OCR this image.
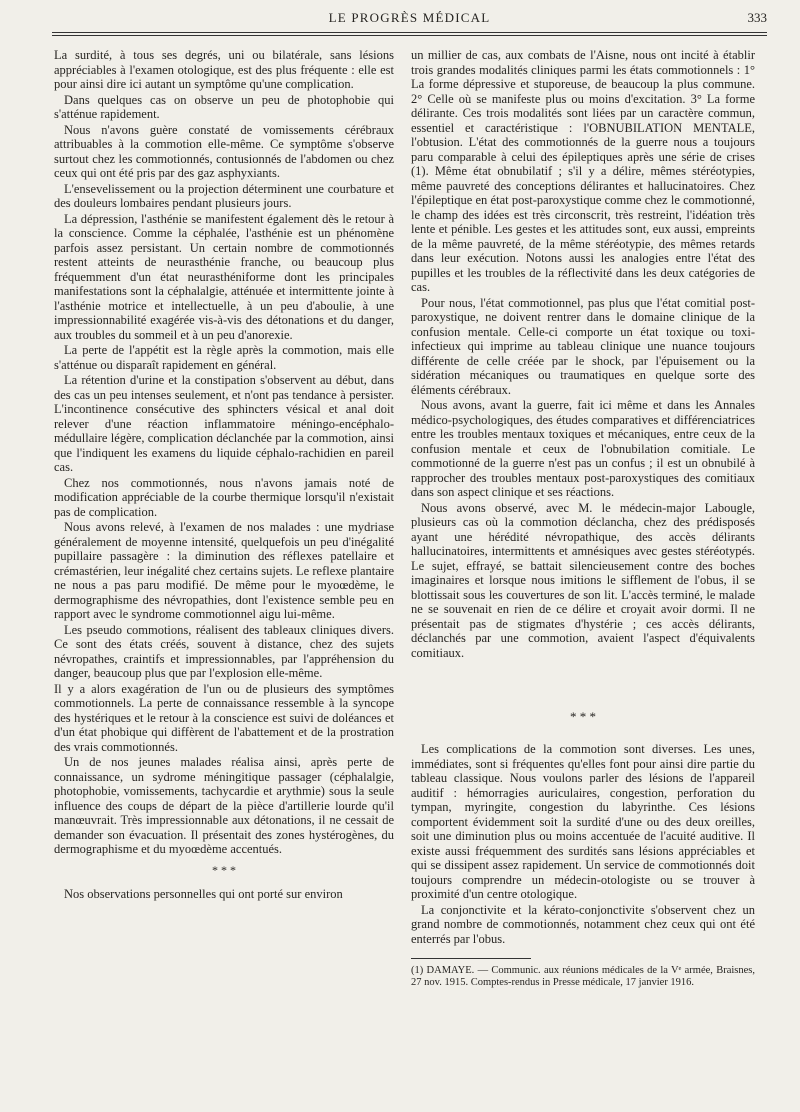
LE PROGRÈS MÉDICAL	333

La surdité, à tous ses degrés, uni ou bilatérale, sans lésions appréciables à l'examen otologique, est des plus fréquente : elle est pour ainsi dire ici autant un symptôme qu'une complication.

Dans quelques cas on observe un peu de photophobie qui s'atténue rapidement.

Nous n'avons guère constaté de vomissements cérébraux attribuables à la commotion elle-même. Ce symptôme s'observe surtout chez les commotionnés, contusionnés de l'abdomen ou chez ceux qui ont été pris par des gaz asphyxiants.

L'ensevelissement ou la projection déterminent une courbature et des douleurs lombaires pendant plusieurs jours.

La dépression, l'asthénie se manifestent également dès le retour à la conscience. Comme la céphalée, l'asthénie est un phénomène parfois assez persistant. Un certain nombre de commotionnés restent atteints de neurasthénie franche, ou beaucoup plus fréquemment d'un état neurasthéniforme dont les principales manifestations sont la céphalalgie, atténuée et intermittente jointe à l'asthénie motrice et intellectuelle, à un peu d'aboulie, à une impressionnabilité exagérée vis-à-vis des détonations et du danger, aux troubles du sommeil et à un peu d'anorexie.

La perte de l'appétit est la règle après la commotion, mais elle s'atténue ou disparaît rapidement en général.

La rétention d'urine et la constipation s'observent au début, dans des cas un peu intenses seulement, et n'ont pas tendance à persister. L'incontinence consécutive des sphincters vésical et anal doit relever d'une réaction inflammatoire méningo-encéphalo-médullaire légère, complication déclanchée par la commotion, ainsi que l'indiquent les examens du liquide céphalo-rachidien en pareil cas.

Chez nos commotionnés, nous n'avons jamais noté de modification appréciable de la courbe thermique lorsqu'il n'existait pas de complication.

Nous avons relevé, à l'examen de nos malades : une mydriase généralement de moyenne intensité, quelquefois un peu d'inégalité pupillaire passagère : la diminution des réflexes patellaire et crémastérien, leur inégalité chez certains sujets. Le reflexe plantaire ne nous a pas paru modifié. De même pour le myoœdème, le dermographisme des névropathies, dont l'existence semble peu en rapport avec le syndrome commotionnel aigu lui-même.

Les pseudo commotions, réalisent des tableaux cliniques divers. Ce sont des états créés, souvent à distance, chez des sujets névropathes, craintifs et impressionnables, par l'appréhension du danger, beaucoup plus que par l'explosion elle-même.

Il y a alors exagération de l'un ou de plusieurs des symptômes commotionnels. La perte de connaissance ressemble à la syncope des hystériques et le retour à la conscience est suivi de doléances et d'un état phobique qui diffèrent de l'abattement et de la prostration des vrais commotionnés.

Un de nos jeunes malades réalisa ainsi, après perte de connaissance, un sydrome méningitique passager (céphalalgie, photophobie, vomissements, tachycardie et arythmie) sous la seule influence des coups de départ de la pièce d'artillerie lourde qu'il manœuvrait. Très impressionnable aux détonations, il ne cessait de demander son évacuation. Il présentait des zones hystérogènes, du dermographisme et du myoœdème accentués.

* * *

Nos observations personnelles qui ont porté sur environ

un millier de cas, aux combats de l'Aisne, nous ont incité à établir trois grandes modalités cliniques parmi les états commotionnels : 1° La forme dépressive et stuporeuse, de beaucoup la plus commune. 2° Celle où se manifeste plus ou moins d'excitation. 3° La forme délirante. Ces trois modalités sont liées par un caractère commun, essentiel et caractéristique : l'OBNUBILATION MENTALE, l'obtusion. L'état des commotionnés de la guerre nous a toujours paru comparable à celui des épileptiques après une série de crises (1). Même état obnubilatif ; s'il y a délire, mêmes stéréotypies, même pauvreté des conceptions délirantes et hallucinatoires. Chez l'épileptique en état post-paroxystique comme chez le commotionné, le champ des idées est très circonscrit, très restreint, l'idéation très lente et pénible. Les gestes et les attitudes sont, eux aussi, empreints de la même pauvreté, de la même stéréotypie, des mêmes retards dans leur exécution. Notons aussi les analogies entre l'état des pupilles et les troubles de la réflectivité dans les deux catégories de cas.

Pour nous, l'état commotionnel, pas plus que l'état comitial post-paroxystique, ne doivent rentrer dans le domaine clinique de la confusion mentale. Celle-ci comporte un état toxique ou toxi-infectieux qui imprime au tableau clinique une nuance toujours différente de celle créée par le shock, par l'épuisement ou la sidération mécaniques ou traumatiques en quelque sorte des éléments cérébraux.

Nous avons, avant la guerre, fait ici même et dans les Annales médico-psychologiques, des études comparatives et différenciatrices entre les troubles mentaux toxiques et mécaniques, entre ceux de la confusion mentale et ceux de l'obnubilation comitiale. Le commotionné de la guerre n'est pas un confus ; il est un obnubilé à rapprocher des troubles mentaux post-paroxystiques des comitiaux dans son aspect clinique et ses réactions.

Nous avons observé, avec M. le médecin-major Labougle, plusieurs cas où la commotion déclancha, chez des prédisposés ayant une hérédité névropathique, des accès délirants hallucinatoires, intermittents et amnésiques avec gestes stéréotypés. Le sujet, effrayé, se battait silencieusement contre des boches imaginaires et lorsque nous imitions le sifflement de l'obus, il se blottissait sous les couvertures de son lit. L'accès terminé, le malade ne se souvenait en rien de ce délire et croyait avoir dormi. Il ne présentait pas de stigmates d'hystérie ; ces accès délirants, déclanchés par une commotion, avaient l'aspect d'équivalents comitiaux.

* * *

Les complications de la commotion sont diverses. Les unes, immédiates, sont si fréquentes qu'elles font pour ainsi dire partie du tableau classique. Nous voulons parler des lésions de l'appareil auditif : hémorragies auriculaires, congestion, perforation du tympan, myringite, congestion du labyrinthe. Ces lésions comportent évidemment soit la surdité d'une ou des deux oreilles, soit une diminution plus ou moins accentuée de l'acuité auditive. Il existe aussi fréquemment des surdités sans lésions appréciables et qui se dissipent assez rapidement. Un service de commotionnés doit toujours comprendre un médecin-otologiste ou se trouver à proximité d'un centre otologique.

La conjonctivite et la kérato-conjonctivite s'observent chez un grand nombre de commotionnés, notamment chez ceux qui ont été enterrés par l'obus.

(1) DAMAYE. — Communic. aux réunions médicales de la Vᵉ armée, Braisnes, 27 nov. 1915. Comptes-rendus in Presse médicale, 17 janvier 1916.
